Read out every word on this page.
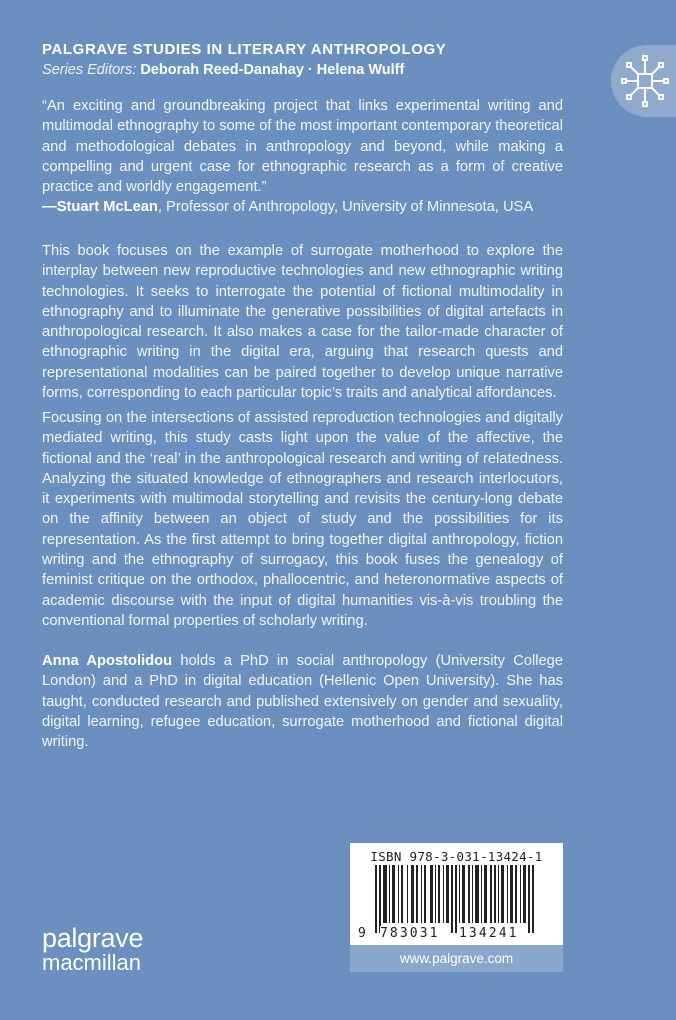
PALGRAVE STUDIES IN LITERARY ANTHROPOLOGY
Series Editors: Deborah Reed-Danahay · Helena Wulff

“An exciting and groundbreaking project that links experimental writing and multimodal ethnography to some of the most important contemporary theoretical and methodological debates in anthropology and beyond, while making a compelling and urgent case for ethnographic research as a form of creative practice and worldly engagement.”

—Stuart McLean, Professor of Anthropology, University of Minnesota, USA

This book focuses on the example of surrogate motherhood to explore the interplay between new reproductive technologies and new ethnographic writing technologies. It seeks to interrogate the potential of fictional multimodality in ethnography and to illuminate the generative possibilities of digital artefacts in anthropological research. It also makes a case for the tailor-made character of ethnographic writing in the digital era, arguing that research quests and representational modalities can be paired together to develop unique narrative forms, corresponding to each particular topic’s traits and analytical affordances.

Focusing on the intersections of assisted reproduction technologies and digitally mediated writing, this study casts light upon the value of the affective, the fictional and the ‘real’ in the anthropological research and writing of relatedness. Analyzing the situated knowledge of ethnographers and research interlocutors, it experiments with multimodal storytelling and revisits the century-long debate on the affinity between an object of study and the possibilities for its representation. As the first attempt to bring together digital anthropology, fiction writing and the ethnography of surrogacy, this book fuses the genealogy of feminist critique on the orthodox, phallocentric, and heteronormative aspects of academic discourse with the input of digital humanities vis-à-vis troubling the conventional formal properties of scholarly writing.

Anna Apostolidou holds a PhD in social anthropology (University College London) and a PhD in digital education (Hellenic Open University). She has taught, conducted research and published extensively on gender and sexuality, digital learning, refugee education, surrogate motherhood and fictional digital writing.

palgrave
macmillan
ISBN 978-3-031-13424-1
9 783031 134241
www.palgrave.com
